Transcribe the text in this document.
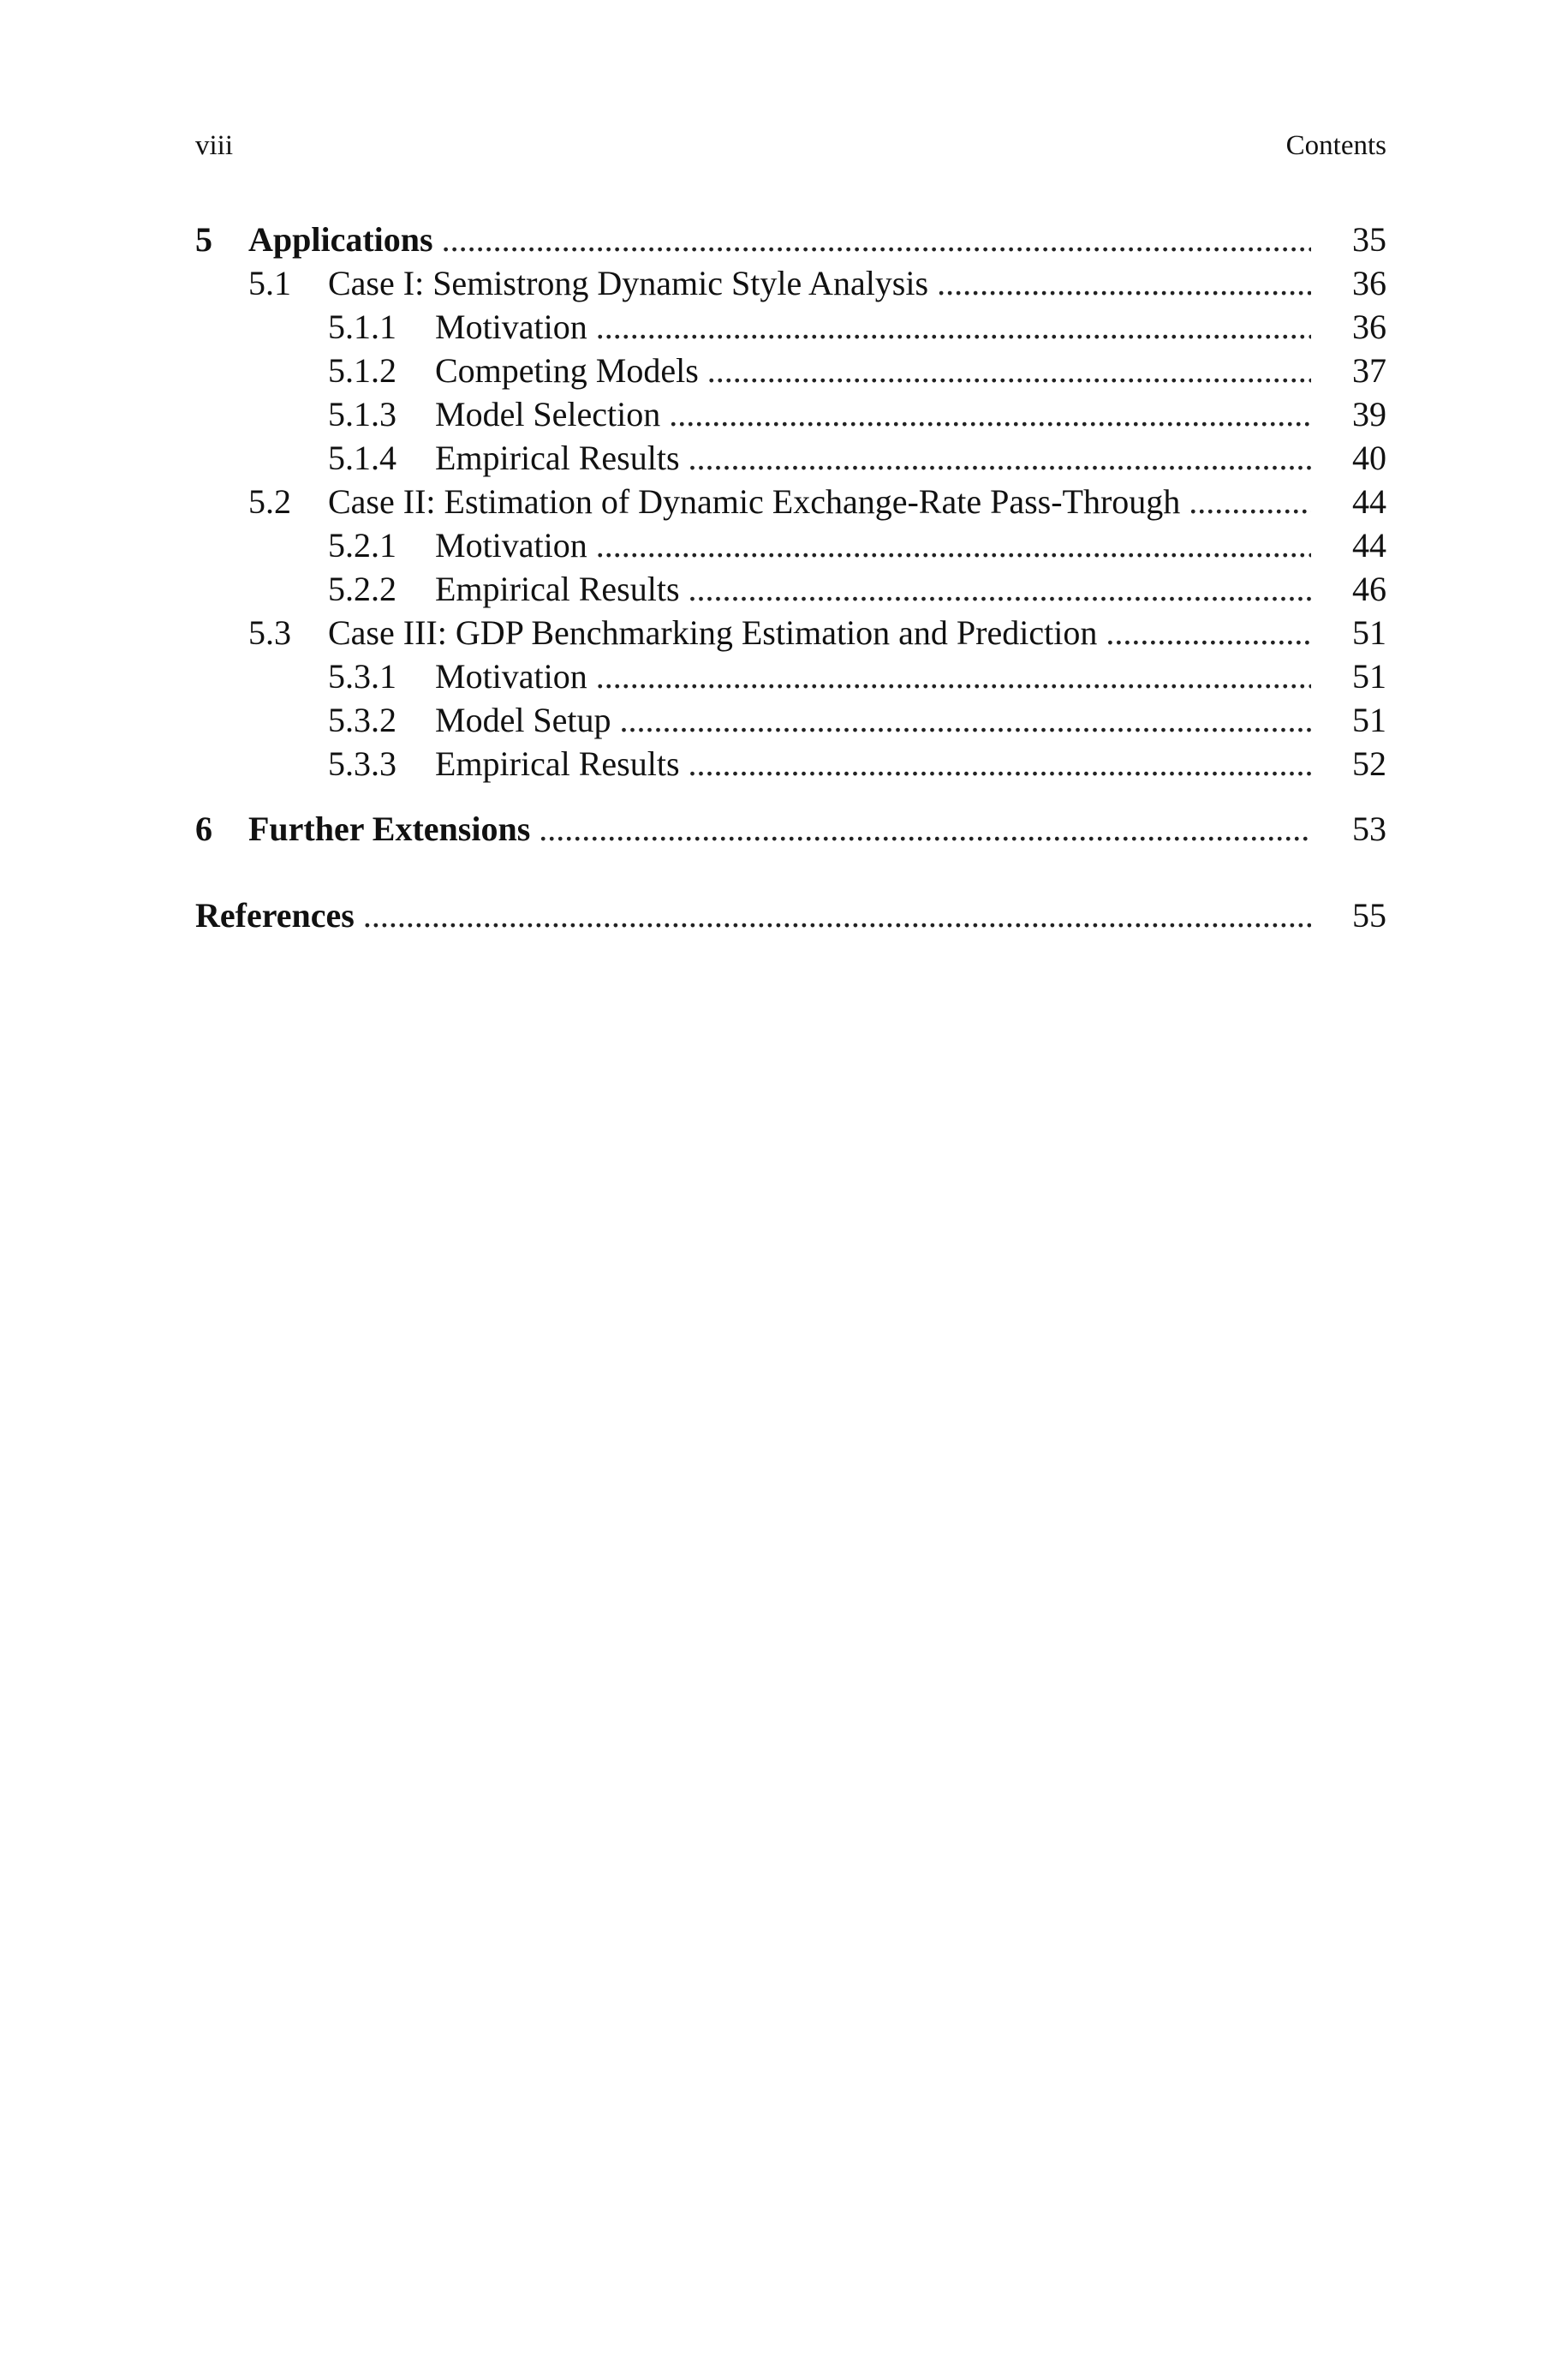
viii	Contents
5 Applications . . .	35
5.1 Case I: Semistrong Dynamic Style Analysis . . .	36
5.1.1 Motivation . . .	36
5.1.2 Competing Models . . .	37
5.1.3 Model Selection . . .	39
5.1.4 Empirical Results . . .	40
5.2 Case II: Estimation of Dynamic Exchange-Rate Pass-Through . . .	44
5.2.1 Motivation . . .	44
5.2.2 Empirical Results . . .	46
5.3 Case III: GDP Benchmarking Estimation and Prediction . . .	51
5.3.1 Motivation . . .	51
5.3.2 Model Setup . . .	51
5.3.3 Empirical Results . . .	52
6 Further Extensions . . .	53
References . . .	55
